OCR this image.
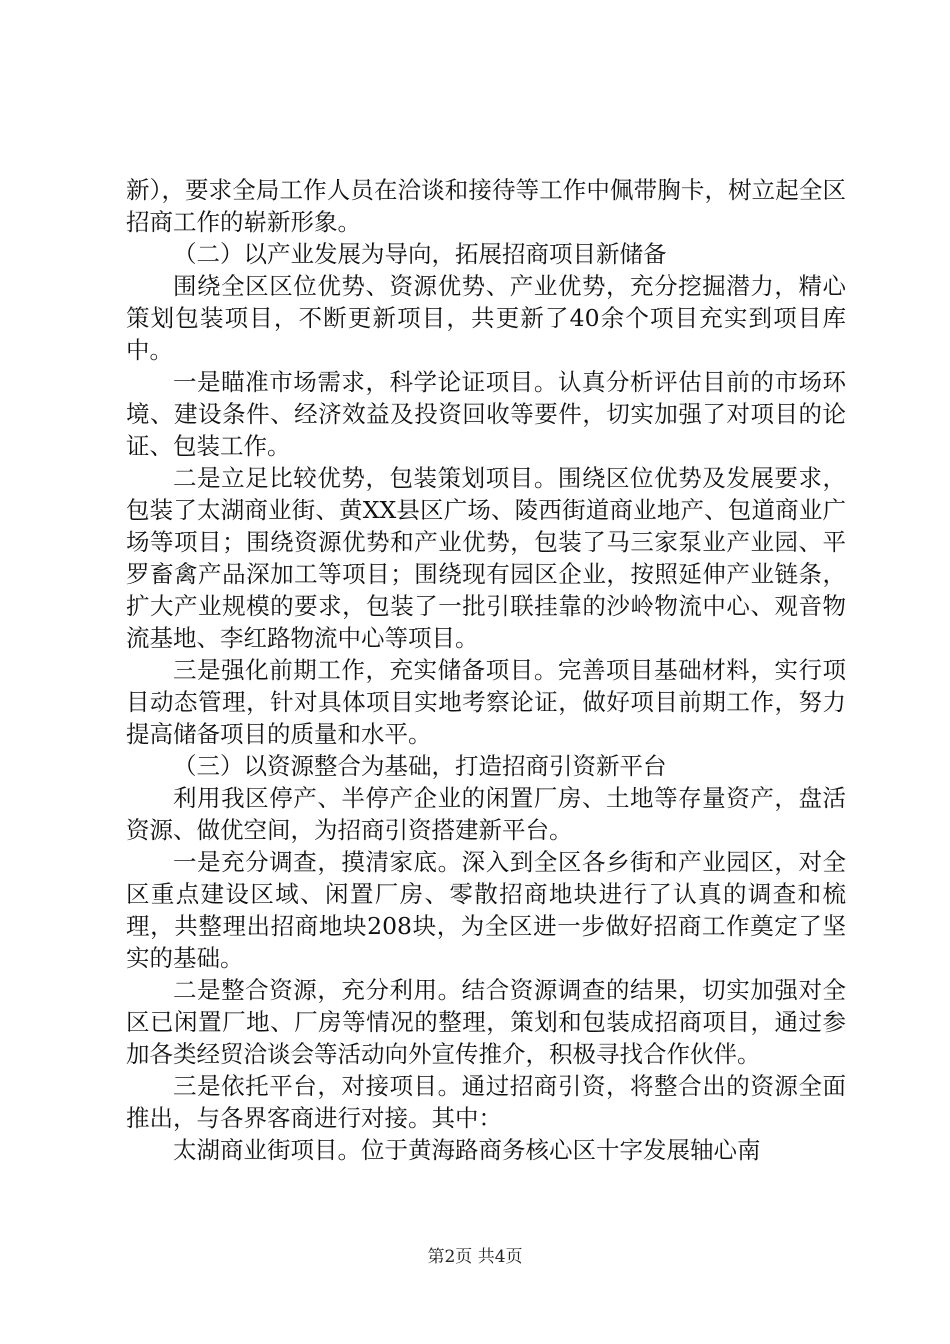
新），要求全局工作人员在洽谈和接待等工作中佩带胸卡，树立起全区招商工作的崭新形象。

（二）以产业发展为导向，拓展招商项目新储备

围绕全区区位优势、资源优势、产业优势，充分挖掘潜力，精心策划包装项目，不断更新项目，共更新了40余个项目充实到项目库中。

一是瞄准市场需求，科学论证项目。认真分析评估目前的市场环境、建设条件、经济效益及投资回收等要件，切实加强了对项目的论证、包装工作。

二是立足比较优势，包装策划项目。围绕区位优势及发展要求，包装了太湖商业街、黄XX县区广场、陵西街道商业地产、包道商业广场等项目；围绕资源优势和产业优势，包装了马三家泵业产业园、平罗畜禽产品深加工等项目；围绕现有园区企业，按照延伸产业链条，扩大产业规模的要求，包装了一批引联挂靠的沙岭物流中心、观音物流基地、李红路物流中心等项目。

三是强化前期工作，充实储备项目。完善项目基础材料，实行项目动态管理，针对具体项目实地考察论证，做好项目前期工作，努力提高储备项目的质量和水平。

（三）以资源整合为基础，打造招商引资新平台

利用我区停产、半停产企业的闲置厂房、土地等存量资产，盘活资源、做优空间，为招商引资搭建新平台。

一是充分调查，摸清家底。深入到全区各乡街和产业园区，对全区重点建设区域、闲置厂房、零散招商地块进行了认真的调查和梳理，共整理出招商地块208块，为全区进一步做好招商工作奠定了坚实的基础。

二是整合资源，充分利用。结合资源调查的结果，切实加强对全区已闲置厂地、厂房等情况的整理，策划和包装成招商项目，通过参加各类经贸洽谈会等活动向外宣传推介，积极寻找合作伙伴。

三是依托平台，对接项目。通过招商引资，将整合出的资源全面推出，与各界客商进行对接。其中：

太湖商业街项目。位于黄海路商务核心区十字发展轴心南

第2页 共4页
